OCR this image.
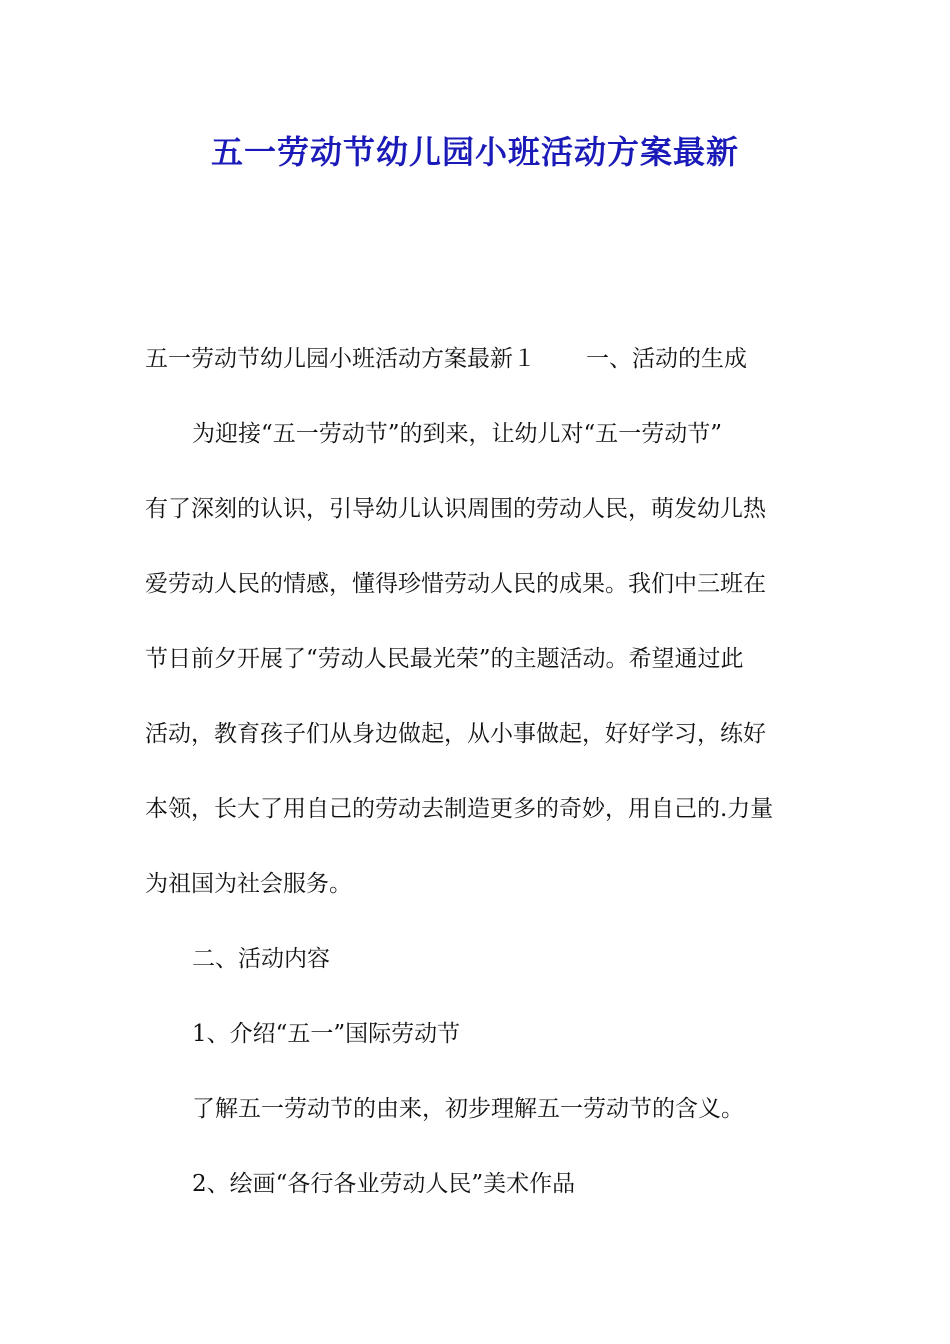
五一劳动节幼儿园小班活动方案最新
五一劳动节幼儿园小班活动方案最新１ 一、活动的生成
为迎接“五一劳动节”的到来，让幼儿对“五一劳动节”
有了深刻的认识，引导幼儿认识周围的劳动人民，萌发幼儿热
爱劳动人民的情感，懂得珍惜劳动人民的成果。我们中三班在
节日前夕开展了“劳动人民最光荣”的主题活动。希望通过此
活动，教育孩子们从身边做起，从小事做起，好好学习，练好
本领，长大了用自己的劳动去制造更多的奇妙，用自己的.力量
为祖国为社会服务。
二、活动内容
1、介绍“五一”国际劳动节
了解五一劳动节的由来，初步理解五一劳动节的含义。
2、绘画“各行各业劳动人民”美术作品
